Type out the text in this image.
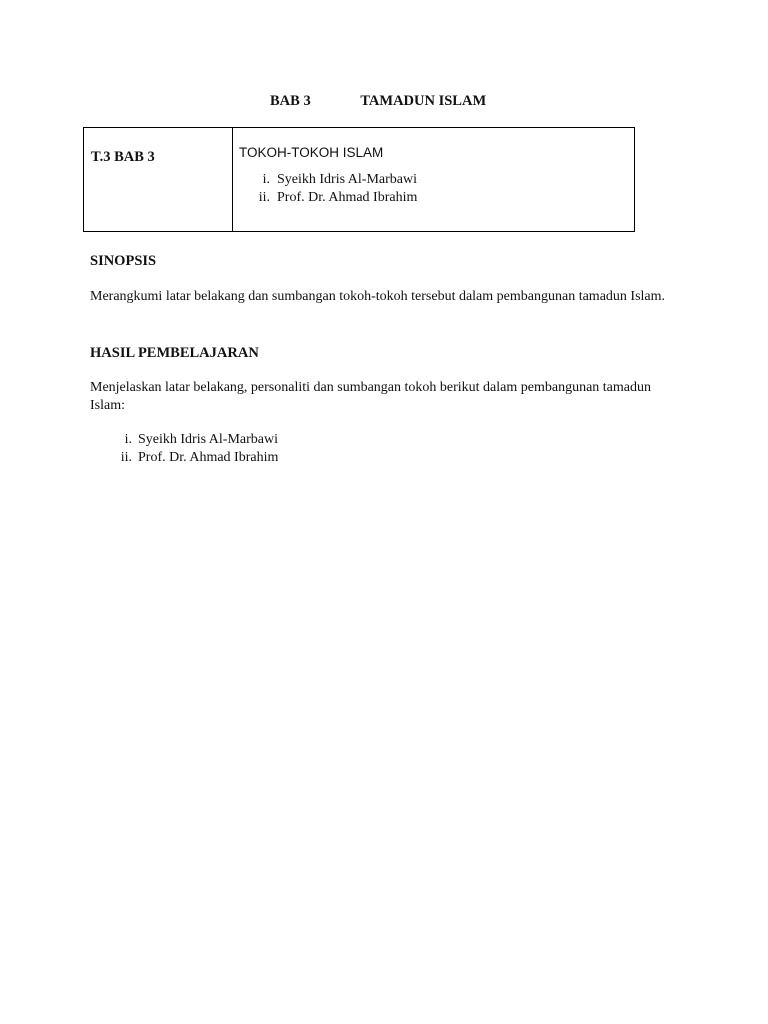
BAB 3	TAMADUN ISLAM
T.3 BAB 3	TOKOH-TOKOH ISLAM
i. Syeikh Idris Al-Marbawi
ii. Prof. Dr. Ahmad Ibrahim
SINOPSIS
Merangkumi latar belakang dan sumbangan tokoh-tokoh tersebut dalam pembangunan tamadun Islam.
HASIL PEMBELAJARAN
Menjelaskan latar belakang, personaliti dan sumbangan tokoh berikut dalam pembangunan tamadun Islam:
i. Syeikh Idris Al-Marbawi
ii. Prof. Dr. Ahmad Ibrahim
